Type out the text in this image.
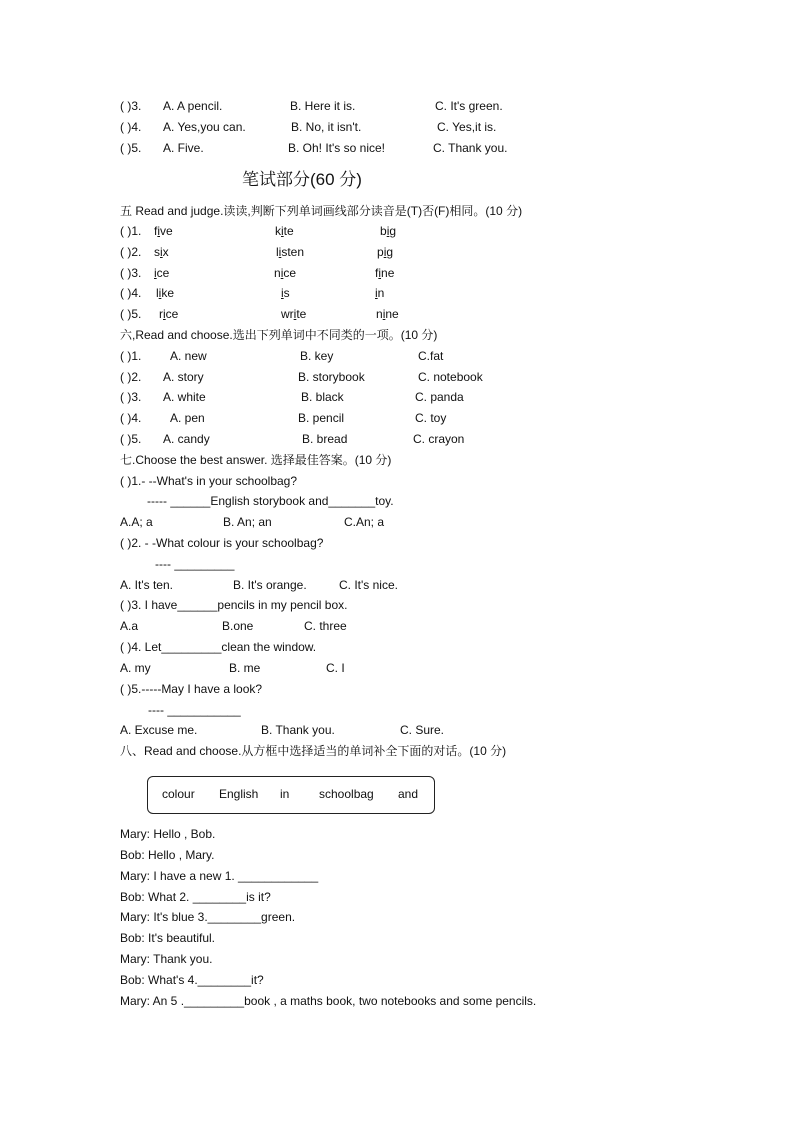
( )3. A. A pencil.	B. Here it is.	C. It's green.
( )4. A. Yes,you can.	B. No, it isn't.	C. Yes,it is.
( )5. A. Five.	B. Oh! It's so nice!	C. Thank you.
笔试部分(60 分)
五 Read and judge.读读,判断下列单词画线部分读音是(T)否(F)相同。(10 分)
( )1. five	kite	big
( )2. six	listen	pig
( )3. ice	nice	fine
( )4. like	is	in
( )5. rice	write	nine
六,Read and choose.选出下列单词中不同类的一项。(10 分)
( )1. A. new	B. key	C.fat
( )2. A. story	B. storybook	C. notebook
( )3. A. white	B. black	C. panda
( )4. A. pen	B. pencil	C. toy
( )5. A. candy	B. bread	C. crayon
七.Choose the best answer. 选择最佳答案。(10 分)
( )1.- --What's in your schoolbag?
----- ______English storybook and_______toy.
A.A; a	B. An; an	C.An; a
( )2. - -What colour is your schoolbag?
---- _________
A. It's ten.	B. It's orange.	C. It's nice.
( )3. I have______pencils in my pencil box.
A.a	B.one	C. three
( )4. Let_________clean the window.
A. my	B. me	C. I
( )5.-----May I have a look?
---- ___________
A. Excuse me.	B. Thank you.	C. Sure.
八、Read and choose.从方框中选择适当的单词补全下面的对话。(10 分)
colour English in schoolbag and
Mary: Hello , Bob.
Bob: Hello , Mary.
Mary: I have a new 1. ____________
Bob: What 2. ________is it?
Mary: It's blue 3.________green.
Bob: It's beautiful.
Mary: Thank you.
Bob: What's 4.________it?
Mary: An 5 ._________book , a maths book, two notebooks and some pencils.
